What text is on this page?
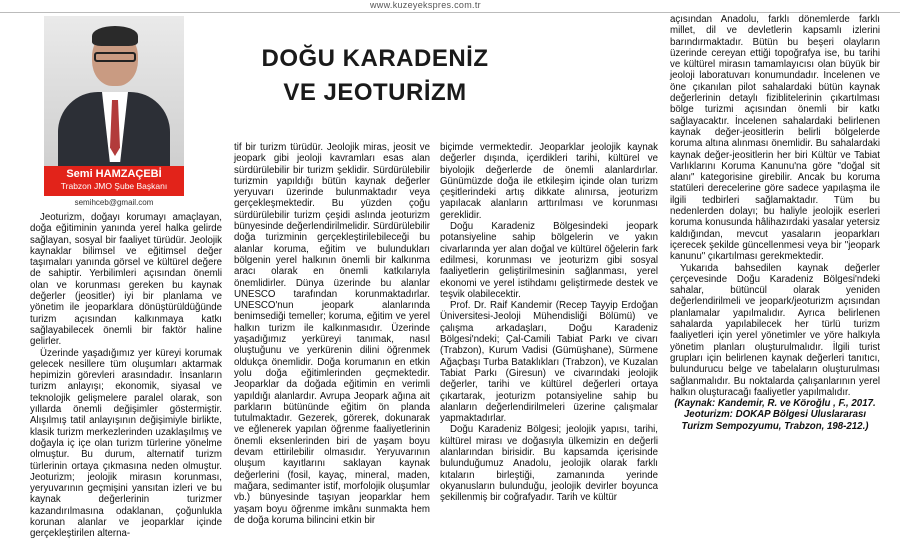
www.kuzeyekspres.com.tr
Semi HAMZAÇEBİ
Trabzon JMO Şube Başkanı
semihceb@gmail.com
DOĞU KARADENİZ
VE JEOTURİZM

Jeoturizm, doğayı korumayı amaçlayan, doğa eğitiminin yanında yerel halka gelirde sağlayan, sosyal bir faaliyet türüdür. Jeolojik kaynaklar bilimsel ve eğitimsel değer taşımaları yanında görsel ve kültürel değere de sahiptir. Yerbilimleri açısından önemli olan ve korunması gereken bu kaynak değerler (jeositler) iyi bir planlama ve yönetim ile jeoparklara dönüştürüldüğünde turizm açısından kalkınmaya katkı sağlayabilecek önemli bir faktör haline gelirler.

Üzerinde yaşadığımız yer küreyi korumak gelecek nesillere tüm oluşumları aktarmak hepimizin görevleri arasındadır. İnsanların turizm anlayışı; ekonomik, siyasal ve teknolojik gelişmelere paralel olarak, son yıllarda önemli değişimler göstermiştir. Alışılmış tatil anlayışının değişimiyle birlikte, klasik turizm merkezlerinden uzaklaşılmış ve doğayla iç içe olan turizm türlerine yönelme olmuştur. Bu durum, alternatif turizm türlerinin ortaya çıkmasına neden olmuştur. Jeoturizm; jeolojik mirasın korunması, yeryuvarının geçmişini yansıtan izleri ve bu kaynak değerlerinin turizmer kazandırılmasına odaklanan, çoğunlukla korunan alanlar ve jeoparklar içinde gerçekleştirilen alterna-

tif bir turizm türüdür. Jeolojik miras, jeosit ve jeopark gibi jeoloji kavramları esas alan sürdürülebilir bir turizm şeklidir. Sürdürülebilir turizmin yapıldığı bütün kaynak değerler yeryuvarı üzerinde bulunmaktadır veya gerçekleşmektedir. Bu yüzden çoğu sürdürülebilir turizm çeşidi aslında jeoturizm bünyesinde değerlendirilmelidir. Sürdürülebilir doğa turizminin gerçekleştirilebileceği bu alanlar koruma, eğitim ve bulundukları bölgenin yerel halkının önemli bir kalkınma aracı olarak en önemli katkılarıyla önemlidirler. Dünya üzerinde bu alanlar UNESCO tarafından korunmaktadırlar. UNESCO'nun jeopark alanlarında benimsediği temeller; koruma, eğitim ve yerel halkın turizm ile kalkınmasıdır. Üzerinde yaşadığımız yerküreyi tanımak, nasıl oluştuğunu ve yerkürenin dilini öğrenmek oldukça önemlidir. Doğa korumanın en etkin yolu doğa eğitimlerinden geçmektedir. Jeoparklar da doğada eğitimin en verimli yapıldığı alanlardır. Avrupa Jeopark ağına ait parkların bütününde eğitim ön planda tutulmaktadır. Gezerek, görerek, dokunarak ve eğlenerek yapılan öğrenme faaliyetlerinin önemli eksenlerinden biri de yaşam boyu devam ettirilebilir olmasıdır. Yeryuvarının oluşum kayıtlarını saklayan kaynak değerlerini (fosil, kayaç, mineral, maden, mağara, sedimanter istif, morfolojik oluşumlar vb.) bünyesinde taşıyan jeoparklar hem yaşam boyu öğrenme imkânı sunmakta hem de doğa koruma bilincini etkin bir

biçimde vermektedir. Jeoparklar jeolojik kaynak değerler dışında, içerdikleri tarihi, kültürel ve biyolojik değerlerde de önemli alanlardırlar. Günümüzde doğa ile etkileşim içinde olan turizm çeşitlerindeki artış dikkate alınırsa, jeoturizm yapılacak alanların arttırılması ve korunması gereklidir.

Doğu Karadeniz Bölgesindeki jeopark potansiyeline sahip bölgelerin ve yakın civarlarında yer alan doğal ve kültürel öğelerin fark edilmesi, korunması ve jeoturizm gibi sosyal faaliyetlerin geliştirilmesinin sağlanması, yerel ekonomi ve yerel istihdamı geliştirmede destek ve teşvik olabilecektir.

Prof. Dr. Raif Kandemir (Recep Tayyip Erdoğan Üniversitesi-Jeoloji Mühendisliği Bölümü) ve çalışma arkadaşları, Doğu Karadeniz Bölgesi'ndeki; Çal-Camili Tabiat Parkı ve civarı (Trabzon), Kurum Vadisi (Gümüşhane), Sürmene Ağaçbaşı Turba Bataklıkları (Trabzon), ve Kuzalan Tabiat Parkı (Giresun) ve civarındaki jeolojik değerler, tarihi ve kültürel değerleri ortaya çıkartarak, jeoturizm potansiyeline sahip bu alanların değerlendirilmeleri üzerine çalışmalar yapmaktadırlar.

Doğu Karadeniz Bölgesi; jeolojik yapısı, tarihi, kültürel mirası ve doğasıyla ülkemizin en değerli alanlarından birisidir. Bu kapsamda içerisinde bulunduğumuz Anadolu, jeolojik olarak farklı kıtaların birleştiği, zamanında yerinde okyanusların bulunduğu, jeolojik devirler boyunca şekillenmiş bir coğrafyadır. Tarih ve kültür

açısından Anadolu, farklı dönemlerde farklı millet, dil ve devletlerin kapsamlı izlerini barındırmaktadır. Bütün bu beşeri olayların üzerinde cereyan ettiği topoğrafya ise, bu tarihi ve kültürel mirasın tamamlayıcısı olan büyük bir jeoloji laboratuvarı konumundadır. İncelenen ve öne çıkanılan pilot sahalardaki bütün kaynak değerlerinin detaylı fiziblitelerinin çıkartılması bölge turizmi açısından önemli bir katkı sağlayacaktır. İncelenen sahalardaki belirlenen kaynak değer-jeositlerin belirli bölgelerde koruma altına alınması önemlidir. Bu sahalardaki kaynak değer-jeositlerin her biri Kültür ve Tabiat Varlıklarını Koruma Kanunu'na göre "doğal sit alanı" kategorisine girebilir. Ancak bu koruma statüleri derecelerine göre sadece yapılaşma ile ilgili tedbirleri sağlamaktadır. Tüm bu nedenlerden dolayı; bu haliyle jeolojik eserleri koruma konusunda hâlihazırdaki yasalar yetersiz kaldığından, mevcut yasaların jeoparkları içerecek şekilde güncellenmesi veya bir "jeopark kanunu" çıkartılması gerekmektedir.

Yukarıda bahsedilen kaynak değerler çerçevesinde Doğu Karadeniz Bölgesi'ndeki sahalar, bütüncül olarak yeniden değerlendirilmeli ve jeopark/jeoturizm açısından planlamalar yapılmalıdır. Ayrıca belirlenen sahalarda yapılabilecek her türlü turizm faaliyetleri için yerel yönetimler ve yöre halkıyla yönetim planları oluşturulmalıdır. İlgili turist grupları için belirlenen kaynak değerleri tanıtıcı, bulundurucu belge ve tabelaların oluşturulması sağlanmalıdır. Bu noktalarda çalışanlarının yerel halkın oluşturacağı faaliyetler yapılmalıdır.

(Kaynak: Kandemir, R. ve Köroğlu , F., 2017. Jeoturizm: DOKAP Bölgesi Uluslararası Turizm Sempozyumu, Trabzon, 198-212.)
